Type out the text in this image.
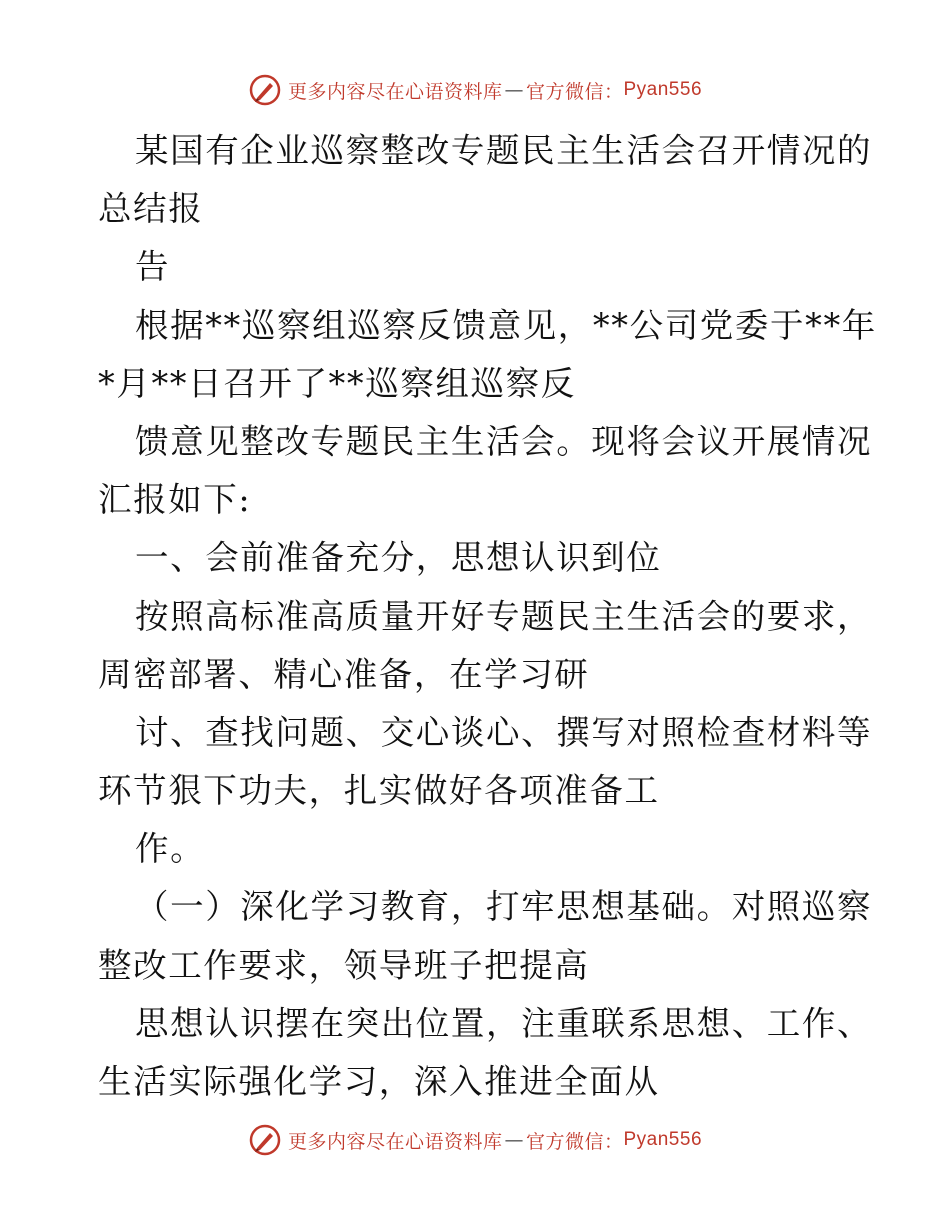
更多内容尽在心语资料库 — 官方微信： Pyan556
某国有企业巡察整改专题民主生活会召开情况的
总结报
告
根据**巡察组巡察反馈意见，**公司党委于**年
*月**日召开了**巡察组巡察反
馈意见整改专题民主生活会。现将会议开展情况
汇报如下:
一、会前准备充分，思想认识到位
按照高标准高质量开好专题民主生活会的要求，
周密部署、精心准备，在学习研
讨、查找问题、交心谈心、撰写对照检查材料等
环节狠下功夫，扎实做好各项准备工
作。
（一）深化学习教育，打牢思想基础。对照巡察
整改工作要求，领导班子把提高
思想认识摆在突出位置，注重联系思想、工作、
生活实际强化学习，深入推进全面从
更多内容尽在心语资料库 — 官方微信： Pyan556
